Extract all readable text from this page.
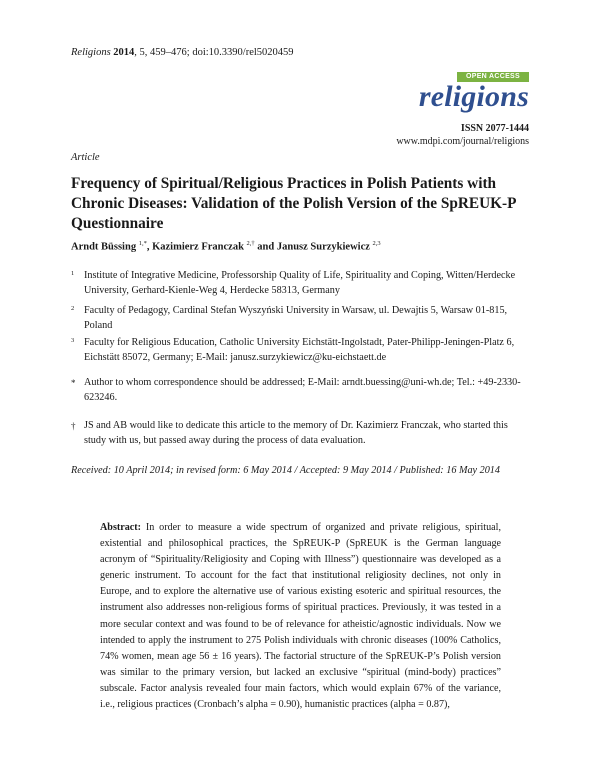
Religions 2014, 5, 459–476; doi:10.3390/rel5020459
OPEN ACCESS
religions
ISSN 2077-1444
www.mdpi.com/journal/religions
Article
Frequency of Spiritual/Religious Practices in Polish Patients with Chronic Diseases: Validation of the Polish Version of the SpREUK-P Questionnaire
Arndt Büssing $^{1,*}$, Kazimierz Franczak $^{2,\dagger}$ and Janusz Surzykiewicz $^{2,3}$
1 Institute of Integrative Medicine, Professorship Quality of Life, Spirituality and Coping, Witten/Herdecke University, Gerhard-Kienle-Weg 4, Herdecke 58313, Germany
2 Faculty of Pedagogy, Cardinal Stefan Wyszyński University in Warsaw, ul. Dewajtis 5, Warsaw 01-815, Poland
3 Faculty for Religious Education, Catholic University Eichstätt-Ingolstadt, Pater-Philipp-Jeningen-Platz 6, Eichstätt 85072, Germany; E-Mail: janusz.surzykiewicz@ku-eichstaett.de
* Author to whom correspondence should be addressed; E-Mail: arndt.buessing@uni-wh.de; Tel.: +49-2330-623246.
† JS and AB would like to dedicate this article to the memory of Dr. Kazimierz Franczak, who started this study with us, but passed away during the process of data evaluation.
Received: 10 April 2014; in revised form: 6 May 2014 / Accepted: 9 May 2014 / Published: 16 May 2014
Abstract: In order to measure a wide spectrum of organized and private religious, spiritual, existential and philosophical practices, the SpREUK-P (SpREUK is the German language acronym of “Spirituality/Religiosity and Coping with Illness”) questionnaire was developed as a generic instrument. To account for the fact that institutional religiosity declines, not only in Europe, and to explore the alternative use of various existing esoteric and spiritual resources, the instrument also addresses non-religious forms of spiritual practices. Previously, it was tested in a more secular context and was found to be of relevance for atheistic/agnostic individuals. Now we intended to apply the instrument to 275 Polish individuals with chronic diseases (100% Catholics, 74% women, mean age 56 ± 16 years). The factorial structure of the SpREUK-P’s Polish version was similar to the primary version, but lacked an exclusive “spiritual (mind-body) practices” subscale. Factor analysis revealed four main factors, which would explain 67% of the variance, i.e., religious practices (Cronbach’s alpha = 0.90), humanistic practices (alpha = 0.87),
